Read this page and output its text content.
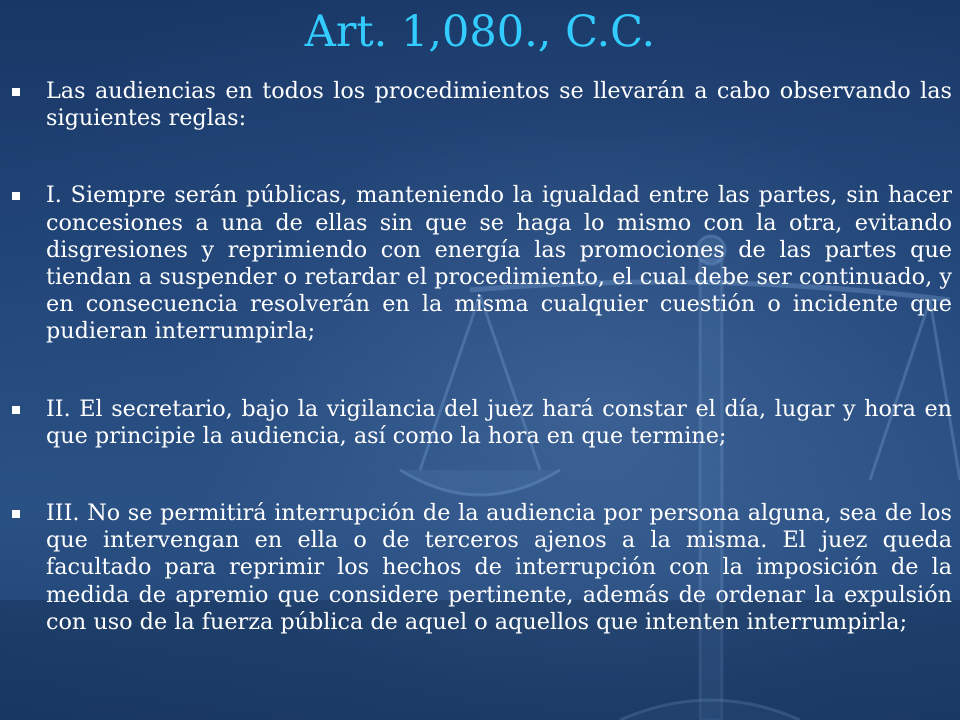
Art. 1,080., C.C.

Las audiencias en todos los procedimientos se llevarán a cabo observando las siguientes reglas:

I. Siempre serán públicas, manteniendo la igualdad entre las partes, sin hacer concesiones a una de ellas sin que se haga lo mismo con la otra, evitando disgresiones y reprimiendo con energía las promociones de las partes que tiendan a suspender o retardar el procedimiento, el cual debe ser continuado, y en consecuencia resolverán en la misma cualquier cuestión o incidente que pudieran interrumpirla;

II. El secretario, bajo la vigilancia del juez hará constar el día, lugar y hora en que principie la audiencia, así como la hora en que termine;

III. No se permitirá interrupción de la audiencia por persona alguna, sea de los que intervengan en ella o de terceros ajenos a la misma. El juez queda facultado para reprimir los hechos de interrupción con la imposición de la medida de apremio que considere pertinente, además de ordenar la expulsión con uso de la fuerza pública de aquel o aquellos que intenten interrumpirla;
